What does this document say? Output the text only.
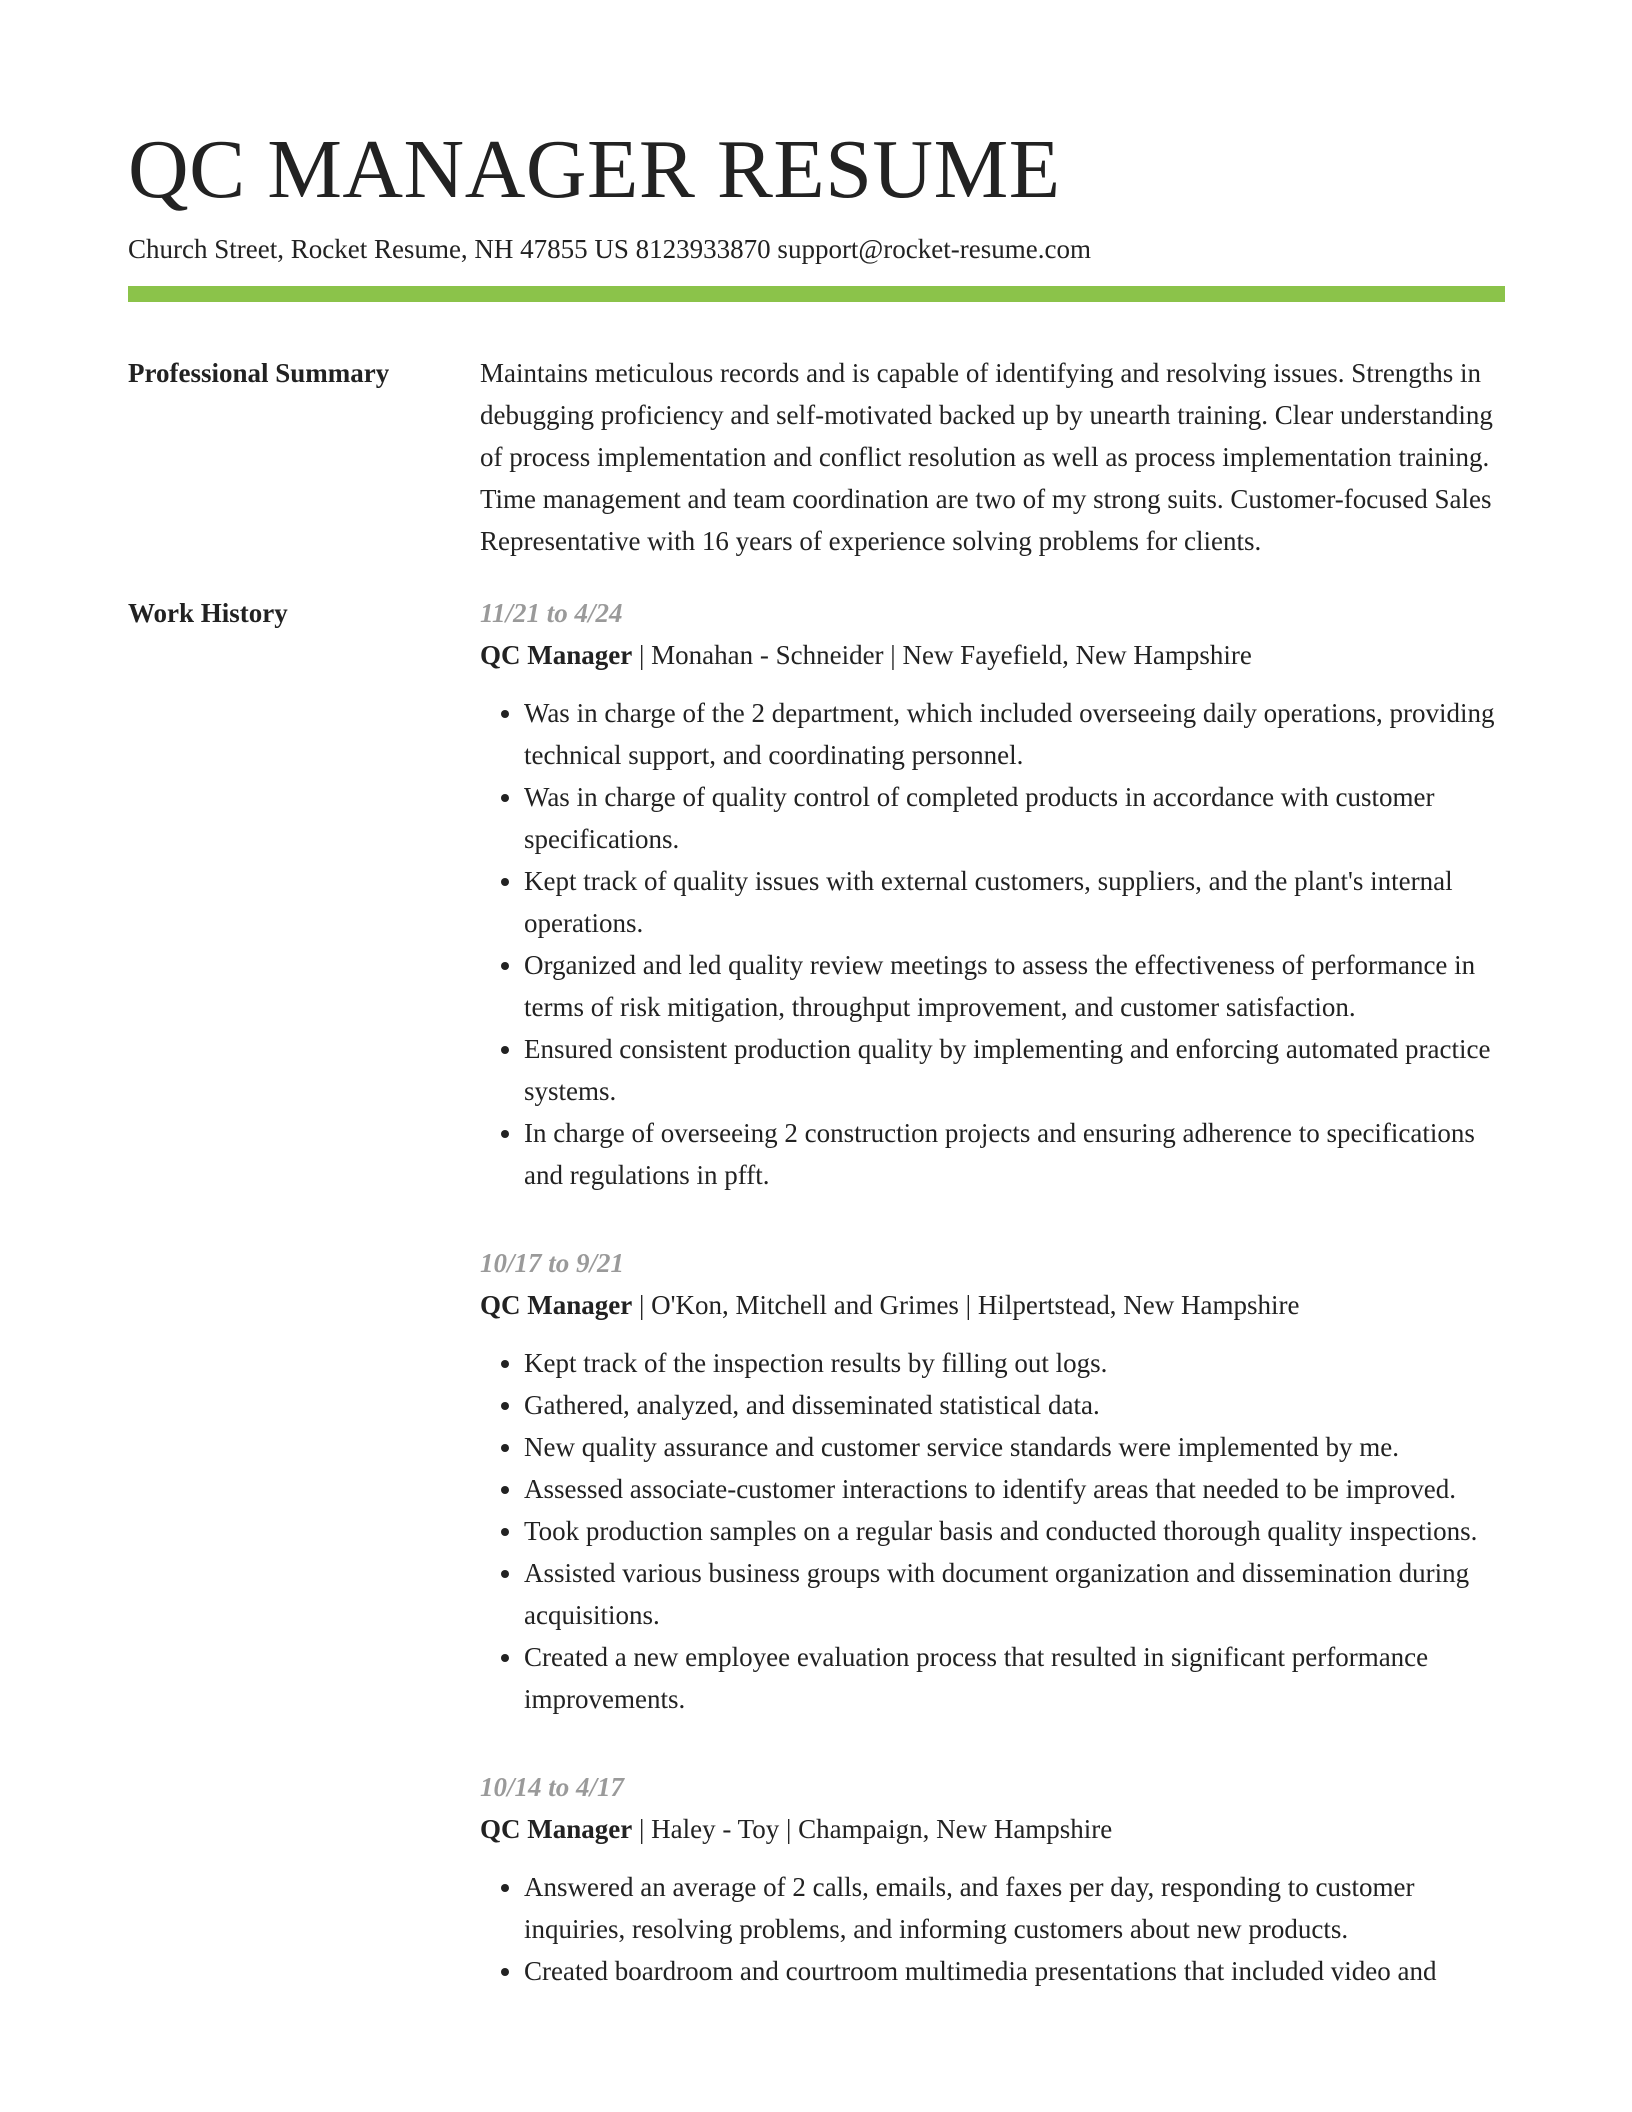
QC MANAGER RESUME
Church Street, Rocket Resume, NH 47855 US 8123933870 support@rocket-resume.com
Professional Summary	Maintains meticulous records and is capable of identifying and resolving issues. Strengths in debugging proficiency and self-motivated backed up by unearth training. Clear understanding of process implementation and conflict resolution as well as process implementation training. Time management and team coordination are two of my strong suits. Customer-focused Sales Representative with 16 years of experience solving problems for clients.

Work History	11/21 to 4/24
QC Manager | Monahan - Schneider | New Fayefield, New Hampshire
• Was in charge of the 2 department, which included overseeing daily operations, providing technical support, and coordinating personnel.
• Was in charge of quality control of completed products in accordance with customer specifications.
• Kept track of quality issues with external customers, suppliers, and the plant's internal operations.
• Organized and led quality review meetings to assess the effectiveness of performance in terms of risk mitigation, throughput improvement, and customer satisfaction.
• Ensured consistent production quality by implementing and enforcing automated practice systems.
• In charge of overseeing 2 construction projects and ensuring adherence to specifications and regulations in pfft.
10/17 to 9/21
QC Manager | O'Kon, Mitchell and Grimes | Hilpertstead, New Hampshire
• Kept track of the inspection results by filling out logs.
• Gathered, analyzed, and disseminated statistical data.
• New quality assurance and customer service standards were implemented by me.
• Assessed associate-customer interactions to identify areas that needed to be improved.
• Took production samples on a regular basis and conducted thorough quality inspections.
• Assisted various business groups with document organization and dissemination during acquisitions.
• Created a new employee evaluation process that resulted in significant performance improvements.
10/14 to 4/17
QC Manager | Haley - Toy | Champaign, New Hampshire
• Answered an average of 2 calls, emails, and faxes per day, responding to customer inquiries, resolving problems, and informing customers about new products.
• Created boardroom and courtroom multimedia presentations that included video and
